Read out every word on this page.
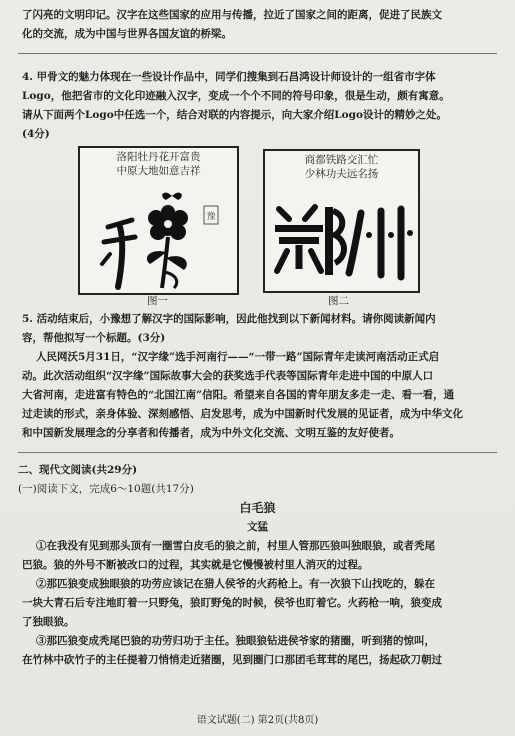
了闪亮的文明印记。汉字在这些国家的应用与传播，拉近了国家之间的距离，促进了民族文
化的交流，成为中国与世界各国友谊的桥梁。
4. 甲骨文的魅力体现在一些设计作品中，同学们搜集到石昌鸿设计师设计的一组省市字体
Logo，他把省市的文化印迹融入汉字，变成一个个不同的符号印象，很是生动，颇有寓意。
请从下面两个Logo中任选一个，结合对联的内容提示，向大家介绍Logo设计的精妙之处。
(4分)
洛阳牡丹花开富贵
中原大地如意吉祥
豫
商都铁路交汇忙
少林功夫远名扬
图一	图二
5. 活动结束后，小豫想了解汉字的国际影响，因此他找到以下新闻材料。请你阅读新闻内
容，帮他拟写一个标题。(3分)
人民网沃5月31日，“汉字缘”选手河南行——“一带一路”国际青年走读河南活动正式启
动。此次活动组织“汉字缘”国际故事大会的获奖选手代表等国际青年走进中国的中原人口
大省河南，走进富有特色的“北国江南”信阳。希望来自各国的青年朋友多走一走、看一看，通
过走读的形式，亲身体验、深刻感悟、启发思考，成为中国新时代发展的见证者，成为中华文化
和中国新发展理念的分享者和传播者，成为中外文化交流、文明互鉴的友好使者。
二、现代文阅读(共29分)
(一)阅读下文，完成6～10题(共17分)
白毛狼
文猛
①在我没有见到那头顶有一圈雪白皮毛的狼之前，村里人管那匹狼叫独眼狼，或者秃尾
巴狼。狼的外号不断被改口的过程，其实就是它慢慢被村里人消灭的过程。
②那匹狼变成独眼狼的功劳应该记在猎人侯爷的火药枪上。有一次狼下山找吃的，躲在
一块大青石后专注地盯着一只野兔，狼盯野兔的时候，侯爷也盯着它。火药枪一响，狼变成
了独眼狼。
③那匹狼变成秃尾巴狼的功劳归功于主任。独眼狼钻进侯爷家的猪圈，听到猪的惊叫，
在竹林中砍竹子的主任提着刀悄悄走近猪圈，见到圈门口那团毛茸茸的尾巴，扬起砍刀朝过
语文试题(二) 第2页(共8页)
